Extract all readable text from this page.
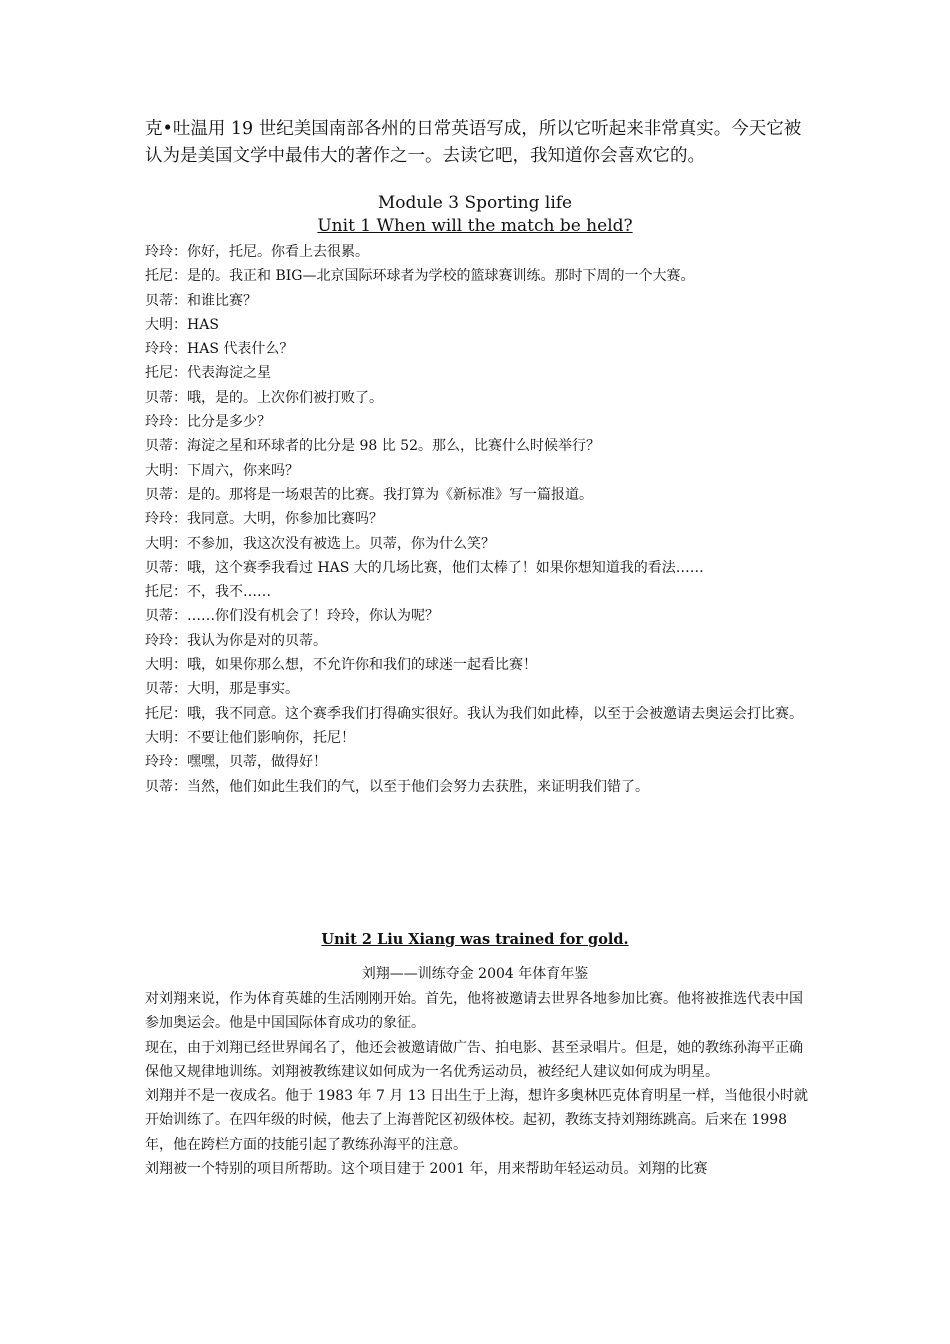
克•吐温用 19 世纪美国南部各州的日常英语写成，所以它听起来非常真实。今天它被认为是美国文学中最伟大的著作之一。去读它吧，我知道你会喜欢它的。

Module 3 Sporting life

Unit 1 When will the match be held?

玲玲：你好，托尼。你看上去很累。
托尼：是的。我正和 BIG—北京国际环球者为学校的篮球赛训练。那时下周的一个大赛。
贝蒂：和谁比赛？
大明：HAS
玲玲：HAS 代表什么？
托尼：代表海淀之星
贝蒂：哦，是的。上次你们被打败了。
玲玲：比分是多少？
贝蒂：海淀之星和环球者的比分是 98 比 52。那么，比赛什么时候举行？
大明：下周六，你来吗？
贝蒂：是的。那将是一场艰苦的比赛。我打算为《新标准》写一篇报道。
玲玲：我同意。大明，你参加比赛吗？
大明：不参加，我这次没有被选上。贝蒂，你为什么笑？
贝蒂：哦，这个赛季我看过 HAS 大的几场比赛，他们太棒了！如果你想知道我的看法……
托尼：不，我不……
贝蒂：……你们没有机会了！玲玲，你认为呢？
玲玲：我认为你是对的贝蒂。
大明：哦，如果你那么想，不允许你和我们的球迷一起看比赛！
贝蒂：大明，那是事实。
托尼：哦，我不同意。这个赛季我们打得确实很好。我认为我们如此棒，以至于会被邀请去奥运会打比赛。
大明：不要让他们影响你，托尼！
玲玲：嘿嘿，贝蒂，做得好！
贝蒂：当然，他们如此生我们的气，以至于他们会努力去获胜，来证明我们错了。

Unit 2 Liu Xiang was trained for gold.

刘翔——训练夺金 2004 年体育年鉴

对刘翔来说，作为体育英雄的生活刚刚开始。首先，他将被邀请去世界各地参加比赛。他将被推选代表中国参加奥运会。他是中国国际体育成功的象征。

现在，由于刘翔已经世界闻名了，他还会被邀请做广告、拍电影、甚至录唱片。但是，她的教练孙海平正确保他又规律地训练。刘翔被教练建议如何成为一名优秀运动员，被经纪人建议如何成为明星。

刘翔并不是一夜成名。他于 1983 年 7 月 13 日出生于上海，想许多奥林匹克体育明星一样，当他很小时就开始训练了。在四年级的时候，他去了上海普陀区初级体校。起初，教练支持刘翔练跳高。后来在 1998 年，他在跨栏方面的技能引起了教练孙海平的注意。

刘翔被一个特别的项目所帮助。这个项目建于 2001 年，用来帮助年轻运动员。刘翔的比赛
